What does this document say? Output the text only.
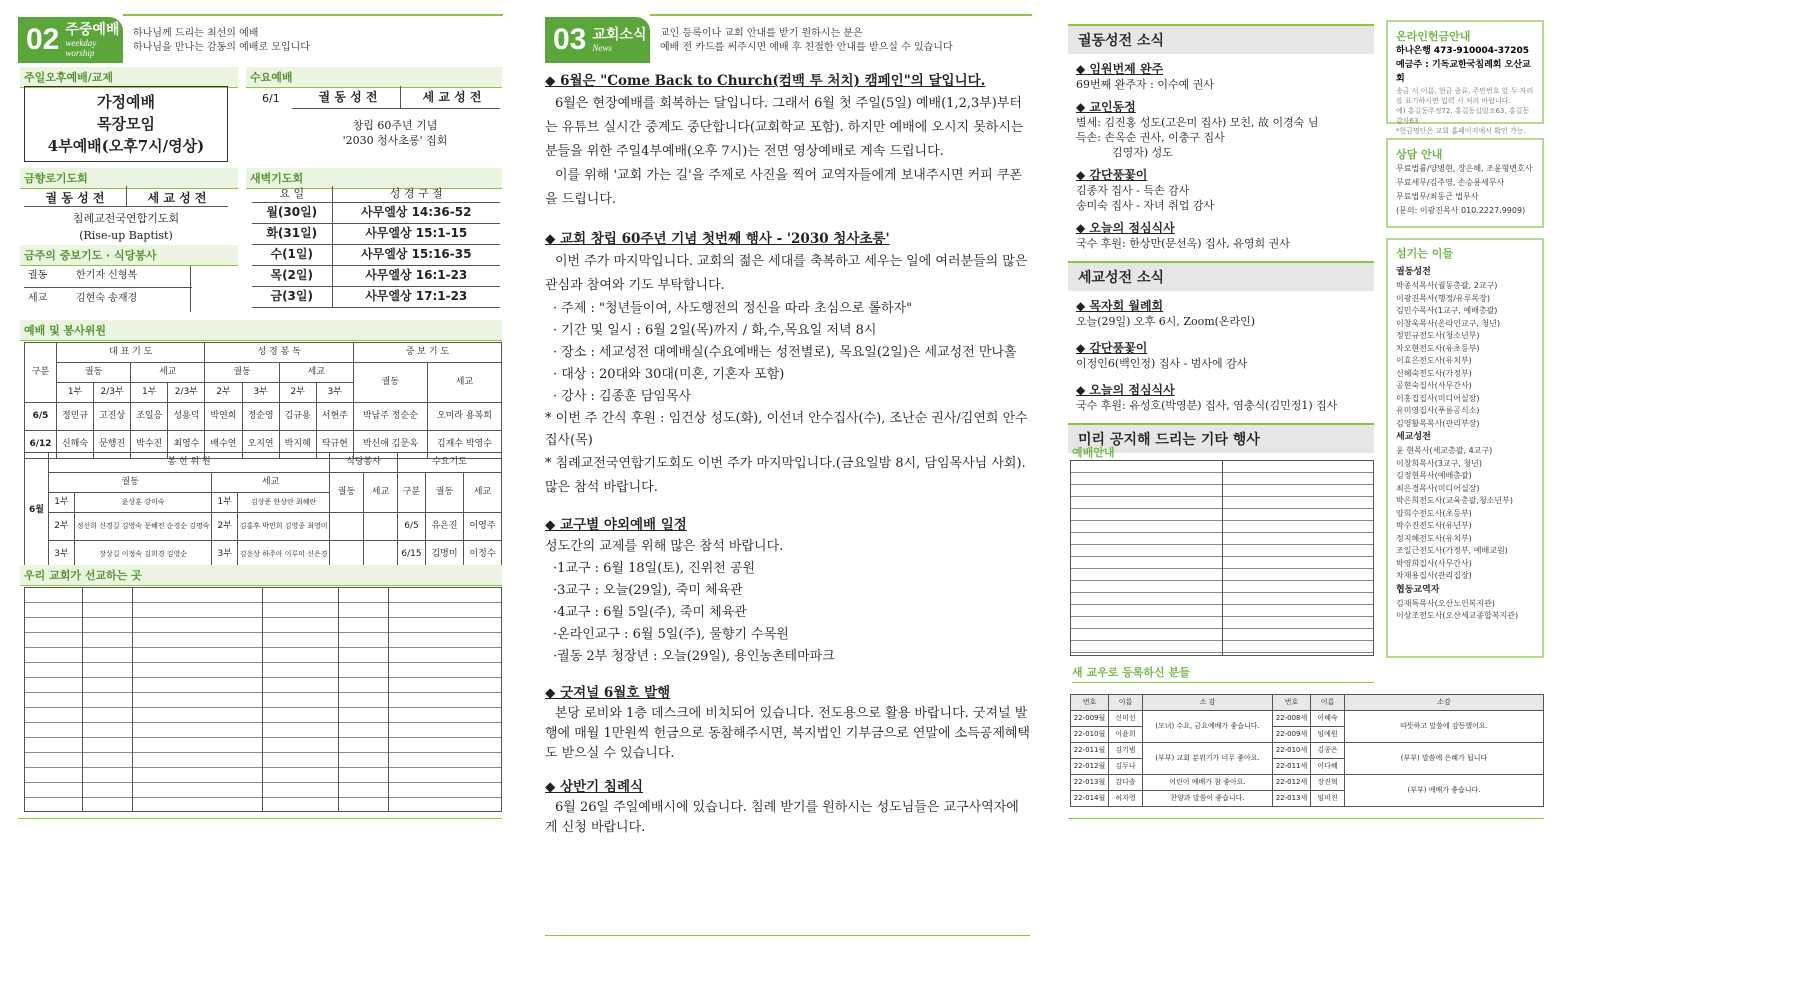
02 주중예배
weekday worship
하나님께 드리는 최선의 예배
하나님을 만나는 감동의 예배로 모입니다
주일오후예배/교제
가정예배
목장모임
4부예배(오후7시/영상)
수요예배
6/1	궐 동 성 전	세 교 성 전
창립 60주년 기념
'2030 청사초롱' 집회
금향로기도회
궐 동 성 전	세 교 성 전
침례교전국연합기도회
(Rise-up Baptist)
새벽기도회
요 일	성 경 구 절
월(30일)	사무엘상 14:36-52
화(31일)	사무엘상 15:1-15
수(1일)	사무엘상 15:16-35
목(2일)	사무엘상 16:1-23
금(3일)	사무엘상 17:1-23
금주의 중보기도 · 식당봉사
궐동	한기자 신형복
세교	김현숙 송재경
예배 및 봉사위원
구분	대 표 기 도				성 경 봉 독				중 보 기 도	
	궐동		세교		궐동		세교		궐동	세교
	1부	2/3부	1부	2/3부	2부	3부	2부	3부		
6/5	정민규	고진상	조일응	성용덕	박연희	정순영	김규용	서현주	박남주 정순순	오미라 용복희
6/12	신해숙	문행진	박수진	최영수	배수연	오지연	박지혜	탁규현	박신애 김문옥	김재수 박영수
6월	봉 헌 위 원				식당봉사		수요기도		
	궐동		세교		궐동	세교	구분	궐동	세교
	1부	윤상훈 강미숙	1부	김상준 한상란 최혜란					
	2부	정선희 신경길 김영숙 문혜진 순경순 김명숙	2부	김홍후 박민희 김영종 최영미			6/5	유은진	이영주
	3부	장상길 이정숙 김희경 김영순	3부	김응상 하주아 이루미 신은경			6/15	김명미	이정수
우리 교회가 선교하는 곳
03 교회소식
News
교인 등록이나 교회 안내를 받기 원하시는 분은
예배 전 카드를 써주시면 예배 후 친절한 안내를 받으실 수 있습니다
◆ 6월은 "Come Back to Church(컴백 투 처치) 캠페인"의 달입니다.

6월은 현장예배를 회복하는 달입니다. 그래서 6월 첫 주일(5일) 예배(1,2,3부)부터는 유튜브 실시간 중계도 중단합니다(교회학교 포함). 하지만 예배에 오시지 못하시는 분들을 위한 주일4부예배(오후 7시)는 전면 영상예배로 계속 드립니다.

이를 위해 '교회 가는 길'을 주제로 사진을 찍어 교역자들에게 보내주시면 커피 쿠폰을 드립니다.

◆ 교회 창립 60주년 기념 첫번째 행사 - '2030 청사초롱'

이번 주가 마지막입니다. 교회의 젊은 세대를 축복하고 세우는 일에 여러분들의 많은 관심과 참여와 기도 부탁합니다.

· 주제 : "청년들이여, 사도행전의 정신을 따라 초심으로 롤하자"
· 기간 및 일시 : 6월 2일(목)까지 / 화,수,목요일 저녁 8시
· 장소 : 세교성전 대예배실(수요예배는 성전별로), 목요일(2일)은 세교성전 만나홀
· 대상 : 20대와 30대(미혼, 기혼자 포함)
· 강사 : 김종훈 담임목사
* 이번 주 간식 후원 : 임건상 성도(화), 이선녀 안수집사(수), 조난순 권사/김연희 안수집사(목)

* 침례교전국연합기도회도 이번 주가 마지막입니다.(금요일밤 8시, 담임목사님 사회). 많은 참석 바랍니다.

◆ 교구별 야외예배 일정
성도간의 교제를 위해 많은 참석 바랍니다.
·1교구 : 6월 18일(토), 진위천 공원
·3교구 : 오늘(29일), 죽미 체육관
·4교구 : 6월 5일(주), 죽미 체육관
·온라인교구 : 6월 5일(주), 물향기 수목원
·궐동 2부 청장년 : 오늘(29일), 용인농촌테마파크
◆ 굿져널 6월호 발행

본당 로비와 1층 데스크에 비치되어 있습니다. 전도용으로 활용 바랍니다. 굿져널 발행에 매월 1만원씩 헌금으로 동참해주시면, 복지법인 기부금으로 연말에 소득공제혜택도 받으실 수 있습니다.

◆ 상반기 침례식

6월 26일 주일예배시에 있습니다. 침례 받기를 원하시는 성도님들은 교구사역자에게 신청 바랍니다.

궐동성전 소식
◆ 임원번제 완주
69번째 완주자 : 이수예 권사
◆ 교인동정
별세: 김진홍 성도(고은미 집사) 모친, 故 이경숙 님
득손: 손옥순 권사, 이충구 집사
김영자) 성도
◆ 감단풍꽃이
김종자 집사 - 득손 감사
송미숙 집사 - 자녀 취업 감사
◆ 오늘의 점심식사
국수 후원: 한상만(문선옥) 집사, 유영희 권사
세교성전 소식
◆ 목자회 월례회
오늘(29일) 오후 6시, Zoom(온라인)
◆ 감단풍꽃이
이정인6(백인정) 집사 - 범사에 감사
◆ 오늘의 점심식사
국수 후원: 유성호(박영분) 집사, 염충식(김민정1) 집사
미리 공지해 드리는 기타 행사
예배안내
새 교우로 등록하신 분들
번호	이름	소 감	번호	이름	소감
22-009월	신미선	(모녀) 수요, 금요예배가 좋습니다.	22-008세	이혜숙	따뜻하고 말씀에 감동했어요.
22-010월	이윤희		22-009세	임예원	
22-011월	김기범	(부부) 교회 분위기가 너무 좋아요.	22-010세	김종은	(부부) 말씀에 은혜가 됩니다
22-012월	김두나		22-011세	이다혜	
22-013월	감다솔	어린이 예배가 참 좋아요.	22-012세	장진혁	(부부) 예배가 좋습니다.
22-014월	허자영	찬양과 말씀이 좋습니다.	22-013세	임미진	
온라인헌금안내
하나은행 473-910004-37205
예금주 : 기독교한국침례회 오산교회
송금 시 이름, 헌금 종류, 주민번호 앞 두 자리를 표기하시면 입력 시 처리 바랍니다.
예) 홍길동주정72, 홍길동십일조63, 홍길동감사63
*헌금명단은 교회 홈페이지에서 확인 가능.
상담 안내
무료법률/양병현, 장은혜, 조윤형변호사
무료세무/김주영, 손승용세무사
무료법무/최동근 법무사
(문의: 이광진목사 010.2227.9909)
섬기는 이들
궐동성전
박종석목사(궐동총괄, 2교구)
이광진목사(행정/유루목장)
김민수목사(1교구, 예배총괄)
이창욱목사(온라인교구, 청년)
정민규전도사(청소년부)
차오현전도사(유초등부)
이효은전도사(유치부)
신혜숙전도사(가정부)
공현숙집사(사무간사)
이홍집집사(미디어실장)
유미영집사(푸름공식소)
김영활목목사(관리부장)
세교성전
윤 현목사(세교총괄, 4교구)
이창희목사(3교구, 청년)
김정현목사(예배총괄)
최은경목사(미디어실장)
박은희전도사(교육총괄,청소년부)
양희수전도사(초등부)
박수진전도사(유년부)
정지혜전도사(유치부)
조일근전도사(가정부, 예배교원)
박영희집사(사무간사)
차재용집사(관리집장)
협동교역자
김재특목사(오산노인복지관)
이상조전도사(오산세교종합복지관)
